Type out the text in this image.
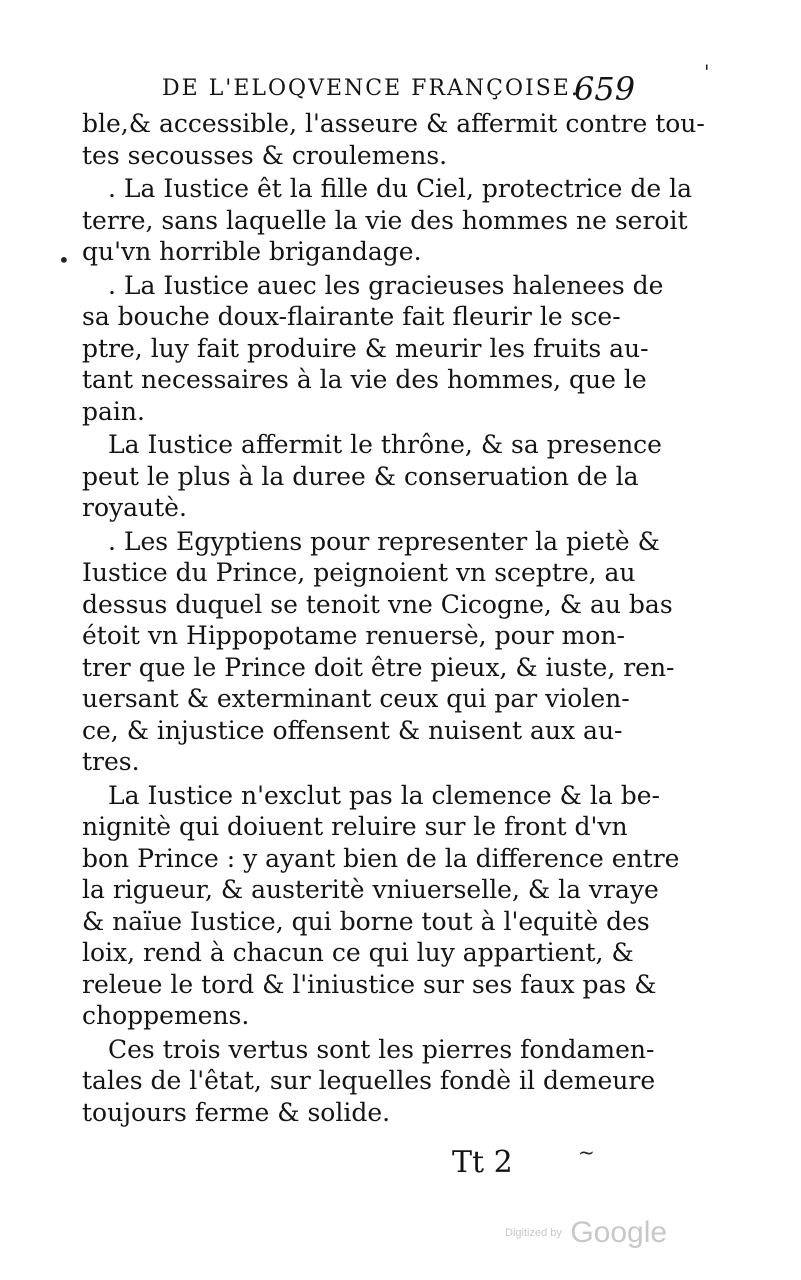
DE L'ELOQVENCE FRANÇOISE.
659
ble,& accessible, l'asseure & affermit contre tou-
tes secousses & croulemens.
. La Iustice êt la fille du Ciel, protectrice de la
terre, sans laquelle la vie des hommes ne seroit
qu'vn horrible brigandage.
. La Iustice auec les gracieuses halenees de
sa bouche doux-flairante fait fleurir le sce-
ptre, luy fait produire & meurir les fruits au-
tant necessaires à la vie des hommes, que le
pain.
La Iustice affermit le thrône, & sa presence
peut le plus à la duree & conseruation de la
royautè.
. Les Egyptiens pour representer la pietè &
Iustice du Prince, peignoient vn sceptre, au
dessus duquel se tenoit vne Cicogne, & au bas
étoit vn Hippopotame renuersè, pour mon-
trer que le Prince doit être pieux, & iuste, ren-
uersant & exterminant ceux qui par violen-
ce, & injustice offensent & nuisent aux au-
tres.
La Iustice n'exclut pas la clemence & la be-
nignitè qui doiuent reluire sur le front d'vn
bon Prince : y ayant bien de la difference entre
la rigueur, & austeritè vniuerselle, & la vraye
& naïue Iustice, qui borne tout à l'equitè des
loix, rend à chacun ce qui luy appartient, &
releue le tord & l'iniustice sur ses faux pas &
choppemens.
Ces trois vertus sont les pierres fondamen-
tales de l'êtat, sur lequelles fondè il demeure
toujours ferme & solide.
Tt 2
•
'
~
Digitized by Google
